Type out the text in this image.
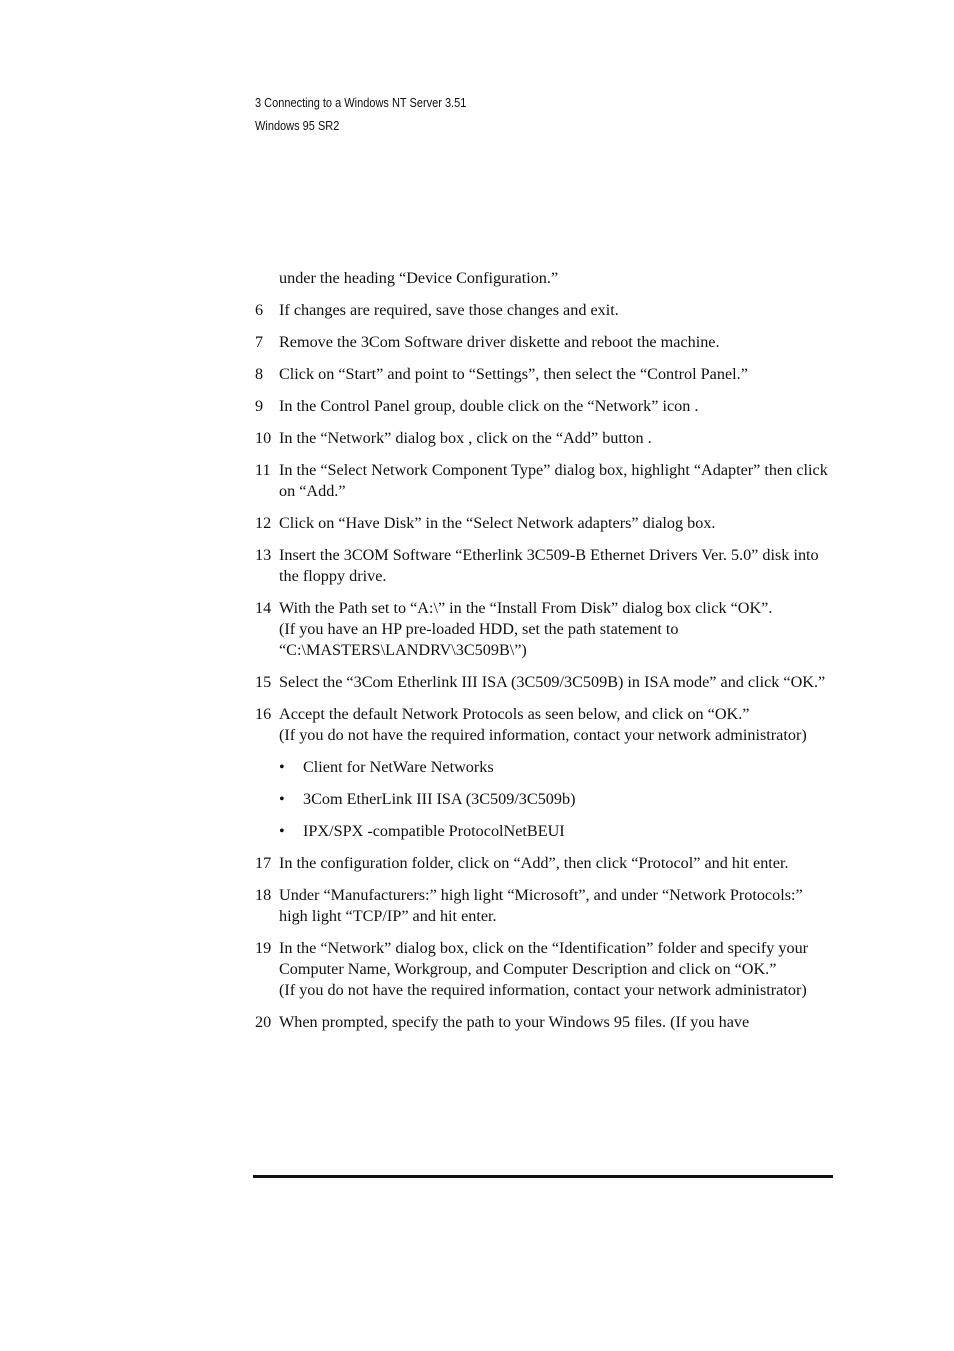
3 Connecting to a Windows NT Server 3.51
Windows 95 SR2
under the heading “Device Configuration.”
6 If changes are required, save those changes and exit.
7 Remove the 3Com Software driver diskette and reboot the machine.
8 Click on “Start” and point to “Settings”, then select the “Control Panel.”
9 In the Control Panel group, double click on the “Network” icon .
10 In the “Network” dialog box , click on the “Add” button .
11 In the “Select Network Component Type” dialog box, highlight “Adapter” then click on “Add.”
12 Click on “Have Disk” in the “Select Network adapters” dialog box.
13 Insert the 3COM Software “Etherlink 3C509-B Ethernet Drivers Ver. 5.0” disk into the floppy drive.
14 With the Path set to “A:\” in the “Install From Disk” dialog box click “OK”.
(If you have an HP pre-loaded HDD, set the path statement to “C:\MASTERS\LANDRV\3C509B\”)
15 Select the “3Com Etherlink III ISA (3C509/3C509B) in ISA mode” and click “OK.”
16 Accept the default Network Protocols as seen below, and click on “OK.”
(If you do not have the required information, contact your network administrator)
•	Client for NetWare Networks
•	3Com EtherLink III ISA (3C509/3C509b)
•	IPX/SPX -compatible ProtocolNetBEUI
17 In the configuration folder, click on “Add”, then click “Protocol” and hit enter.
18 Under “Manufacturers:” high light “Microsoft”, and under “Network Protocols:” high light “TCP/IP” and hit enter.
19 In the “Network” dialog box, click on the “Identification” folder and specify your Computer Name, Workgroup, and Computer Description and click on “OK.”
(If you do not have the required information, contact your network administrator)
20 When prompted, specify the path to your Windows 95 files. (If you have
